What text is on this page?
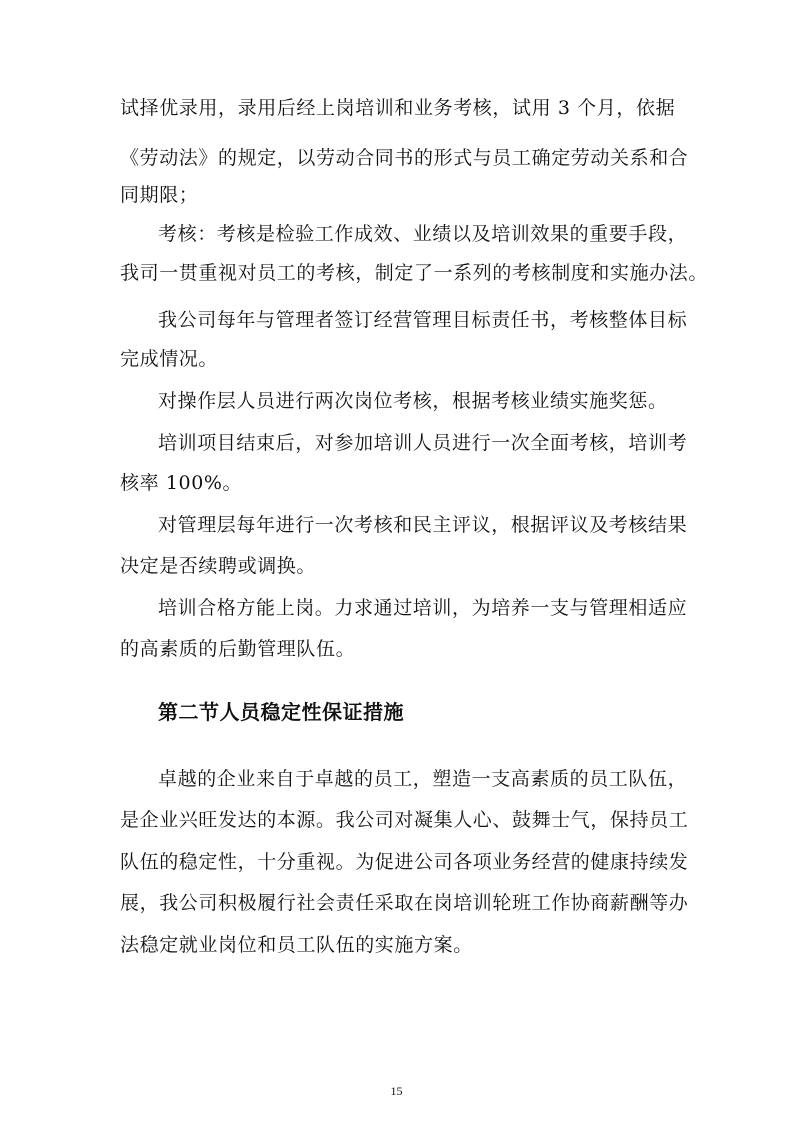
试择优录用，录用后经上岗培训和业务考核，试用 3 个月，依据
《劳动法》的规定，以劳动合同书的形式与员工确定劳动关系和合
同期限；
考核：考核是检验工作成效、业绩以及培训效果的重要手段，
我司一贯重视对员工的考核，制定了一系列的考核制度和实施办法。
我公司每年与管理者签订经营管理目标责任书，考核整体目标
完成情况。
对操作层人员进行两次岗位考核，根据考核业绩实施奖惩。
培训项目结束后，对参加培训人员进行一次全面考核，培训考
核率 100%。
对管理层每年进行一次考核和民主评议，根据评议及考核结果
决定是否续聘或调换。
培训合格方能上岗。力求通过培训，为培养一支与管理相适应
的高素质的后勤管理队伍。
第二节人员稳定性保证措施
卓越的企业来自于卓越的员工，塑造一支高素质的员工队伍，
是企业兴旺发达的本源。我公司对凝集人心、鼓舞士气，保持员工
队伍的稳定性，十分重视。为促进公司各项业务经营的健康持续发
展，我公司积极履行社会责任采取在岗培训轮班工作协商薪酬等办
法稳定就业岗位和员工队伍的实施方案。
15
